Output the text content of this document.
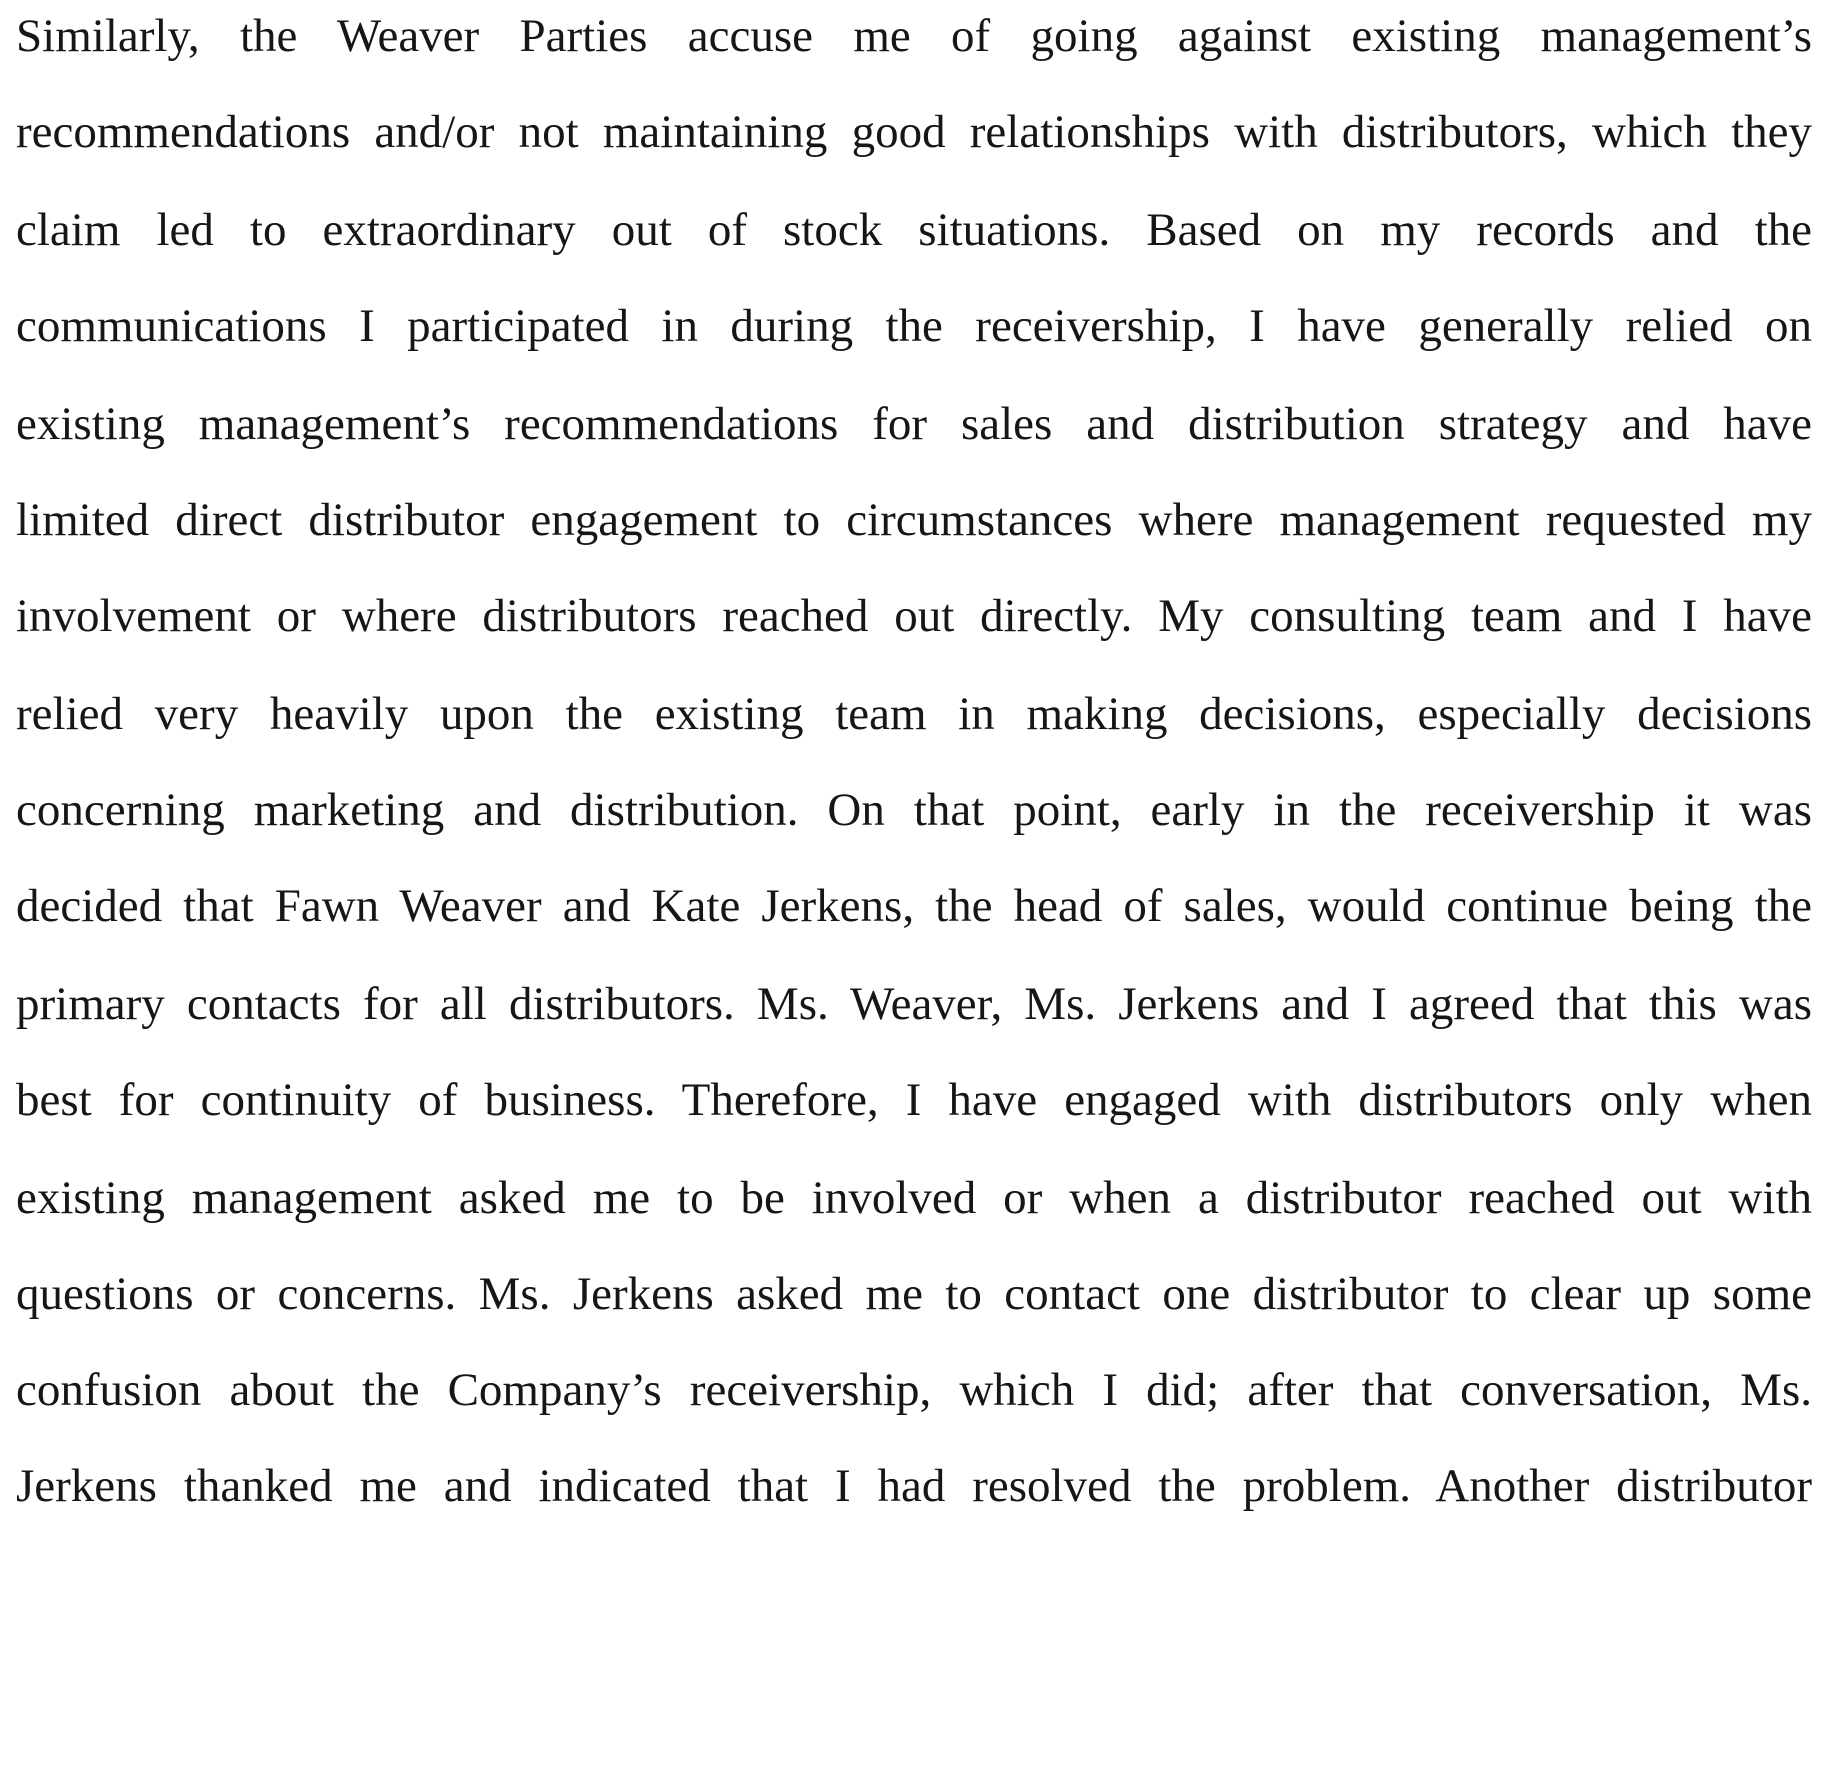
Similarly, the Weaver Parties accuse me of going against existing management’s
recommendations and/or not maintaining good relationships with distributors, which they
claim led to extraordinary out of stock situations. Based on my records and the
communications I participated in during the receivership, I have generally relied on
existing management’s recommendations for sales and distribution strategy and have
limited direct distributor engagement to circumstances where management requested my
involvement or where distributors reached out directly. My consulting team and I have
relied very heavily upon the existing team in making decisions, especially decisions
concerning marketing and distribution. On that point, early in the receivership it was
decided that Fawn Weaver and Kate Jerkens, the head of sales, would continue being the
primary contacts for all distributors. Ms. Weaver, Ms. Jerkens and I agreed that this was
best for continuity of business. Therefore, I have engaged with distributors only when
existing management asked me to be involved or when a distributor reached out with
questions or concerns. Ms. Jerkens asked me to contact one distributor to clear up some
confusion about the Company’s receivership, which I did; after that conversation, Ms.
Jerkens thanked me and indicated that I had resolved the problem. Another distributor
